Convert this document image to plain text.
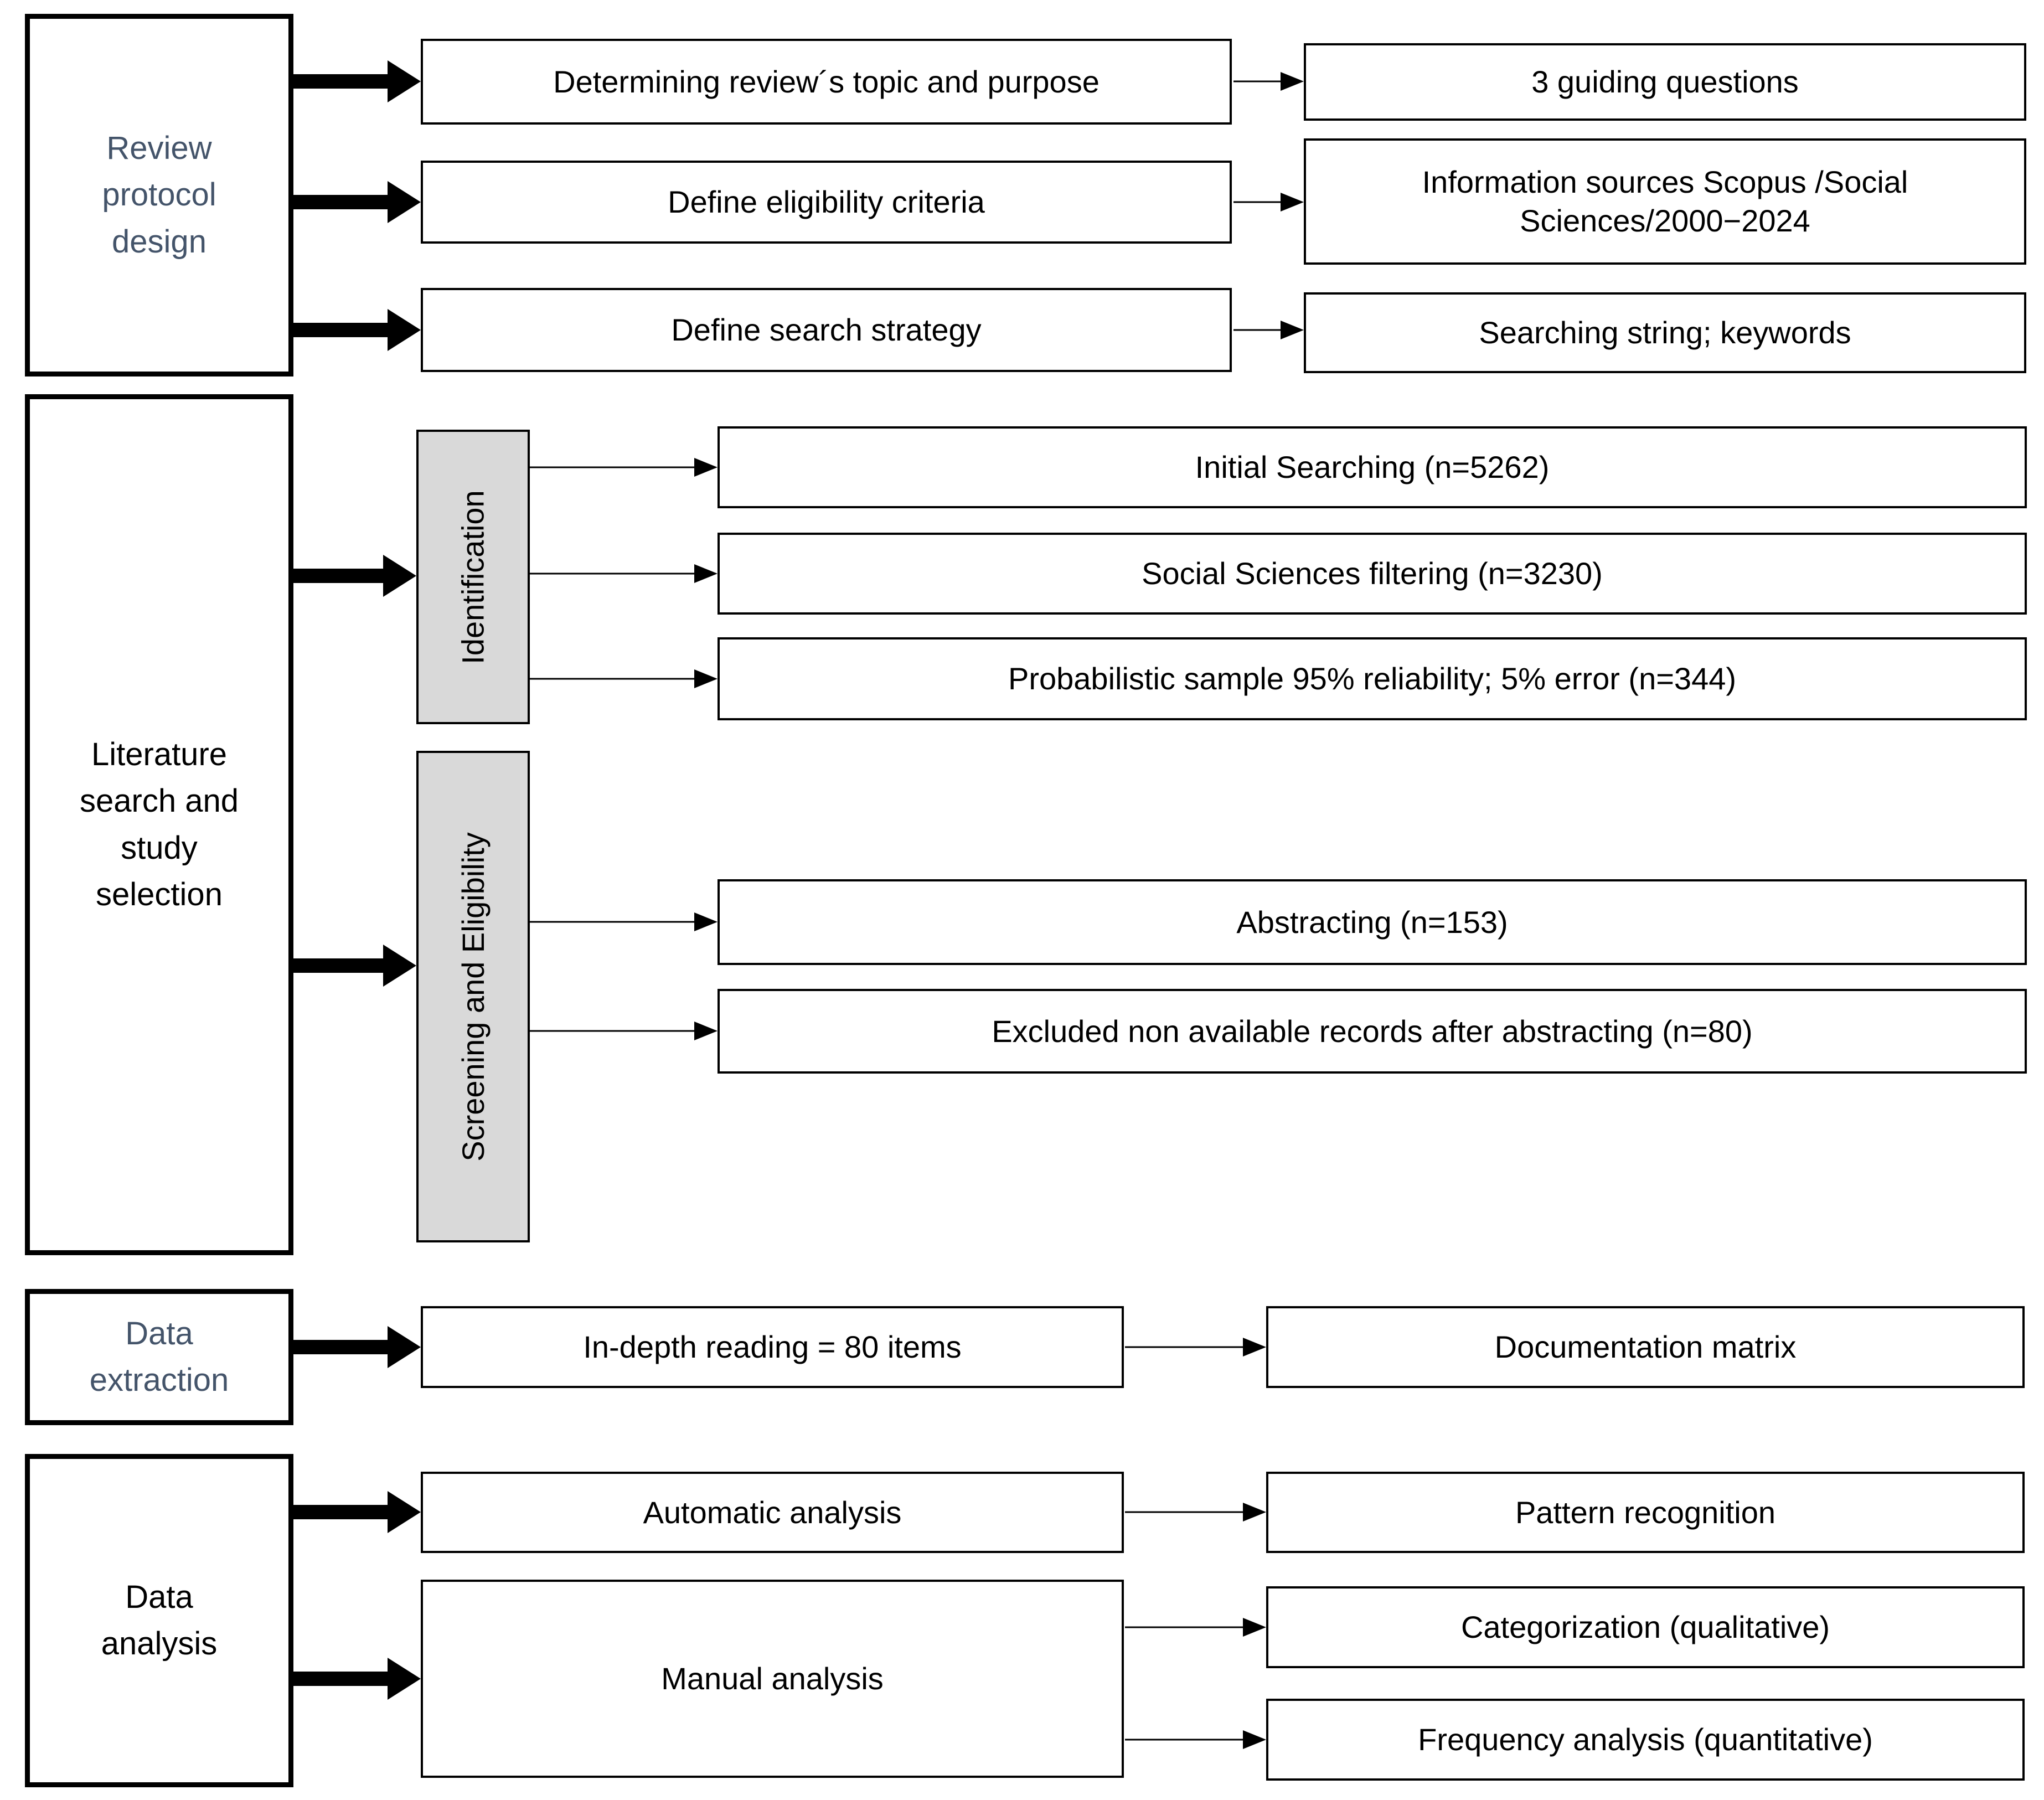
Review protocol design
Literature search and study selection
Data extraction
Data analysis
Determining review´s topic and purpose	3 guiding questions
Define eligibility criteria
Information sources Scopus /Social Sciences/2000−2024
Define search strategy	Searching string; keywords
Identification
Initial Searching (n=5262)
Social Sciences filtering (n=3230)
Probabilistic sample 95% reliability; 5% error (n=344)
Screening and Eligibility	Abstracting (n=153)
Excluded non available records after abstracting (n=80)
In-depth reading = 80 items	Documentation matrix
Automatic analysis	Pattern recognition
Manual analysis
Categorization (qualitative)
Frequency analysis (quantitative)
